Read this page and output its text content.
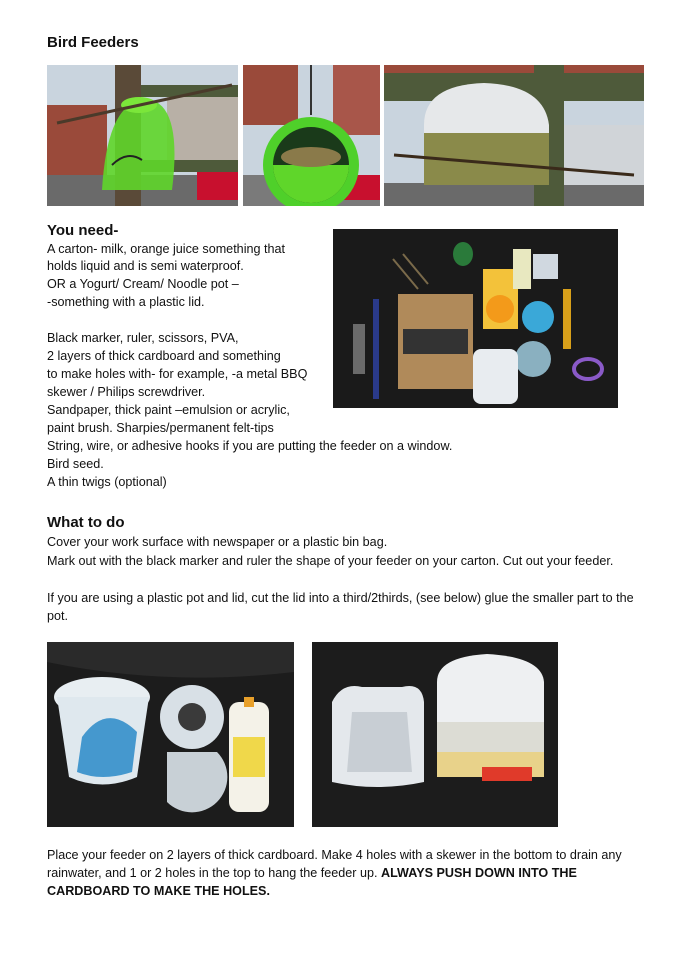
Bird Feeders
You need-
A carton- milk, orange juice something that
holds liquid and is semi waterproof.
OR a Yogurt/ Cream/ Noodle pot –
-something with a plastic lid.
Black marker, ruler, scissors, PVA,
2 layers of thick cardboard and something
to make holes with- for example, -a metal BBQ
skewer / Philips screwdriver.
Sandpaper, thick paint –emulsion or acrylic,
paint brush. Sharpies/permanent felt-tips
String, wire, or adhesive hooks if you are putting the feeder on a window.
Bird seed.
A thin twigs (optional)
What to do
Cover your work surface with newspaper or a plastic bin bag.
Mark out with the black marker and ruler the shape of your feeder on your carton. Cut out your feeder.
If you are using a plastic pot and lid, cut the lid into a third/2thirds, (see below) glue the smaller part to the pot.
Place your feeder on 2 layers of thick cardboard. Make 4 holes with a skewer in the bottom to drain any rainwater, and 1 or 2 holes in the top to hang the feeder up. ALWAYS PUSH DOWN INTO THE CARDBOARD TO MAKE THE HOLES.
